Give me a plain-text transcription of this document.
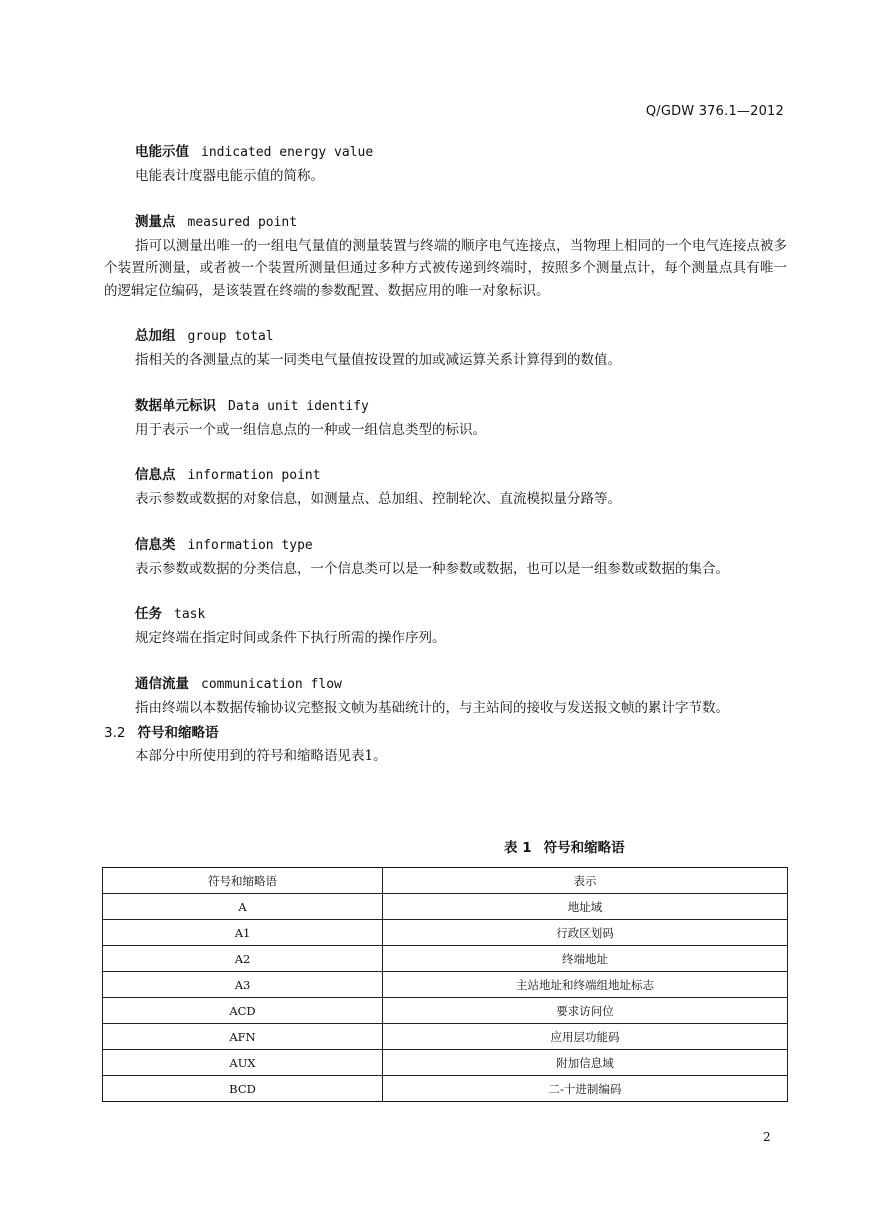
Q/GDW 376.1—2012
电能示值 indicated energy value

电能表计度器电能示值的简称。

测量点 measured point

指可以测量出唯一的一组电气量值的测量装置与终端的顺序电气连接点，当物理上相同的一个电气连接点被多个装置所测量，或者被一个装置所测量但通过多种方式被传递到终端时，按照多个测量点计，每个测量点具有唯一的逻辑定位编码，是该装置在终端的参数配置、数据应用的唯一对象标识。

总加组 group total

指相关的各测量点的某一同类电气量值按设置的加或减运算关系计算得到的数值。

数据单元标识 Data unit identify

用于表示一个或一组信息点的一种或一组信息类型的标识。

信息点 information point

表示参数或数据的对象信息，如测量点、总加组、控制轮次、直流模拟量分路等。

信息类 information type

表示参数或数据的分类信息，一个信息类可以是一种参数或数据，也可以是一组参数或数据的集合。

任务 task

规定终端在指定时间或条件下执行所需的操作序列。

通信流量 communication flow

指由终端以本数据传输协议完整报文帧为基础统计的，与主站间的接收与发送报文帧的累计字节数。

3.2 符号和缩略语

本部分中所使用到的符号和缩略语见表1。

表 1 符号和缩略语
符号和缩略语	表示
A	地址域
A1	行政区划码
A2	终端地址
A3	主站地址和终端组地址标志
ACD	要求访问位
AFN	应用层功能码
AUX	附加信息域
BCD	二-十进制编码
2
